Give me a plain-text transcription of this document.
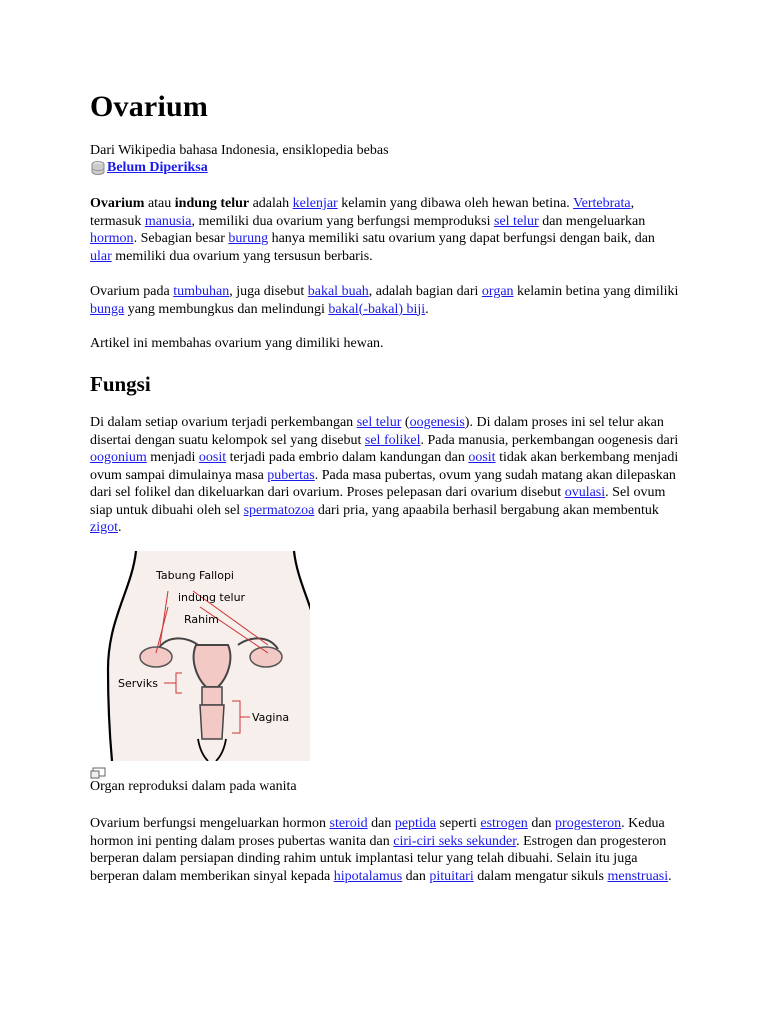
Ovarium
Dari Wikipedia bahasa Indonesia, ensiklopedia bebas
Belum Diperiksa

Ovarium atau indung telur adalah kelenjar kelamin yang dibawa oleh hewan betina. Vertebrata, termasuk manusia, memiliki dua ovarium yang berfungsi memproduksi sel telur dan mengeluarkan hormon. Sebagian besar burung hanya memiliki satu ovarium yang dapat berfungsi dengan baik, dan ular memiliki dua ovarium yang tersusun berbaris.

Ovarium pada tumbuhan, juga disebut bakal buah, adalah bagian dari organ kelamin betina yang dimiliki bunga yang membungkus dan melindungi bakal(-bakal) biji.

Artikel ini membahas ovarium yang dimiliki hewan.

Fungsi

Di dalam setiap ovarium terjadi perkembangan sel telur (oogenesis). Di dalam proses ini sel telur akan disertai dengan suatu kelompok sel yang disebut sel folikel. Pada manusia, perkembangan oogenesis dari oogonium menjadi oosit terjadi pada embrio dalam kandungan dan oosit tidak akan berkembang menjadi ovum sampai dimulainya masa pubertas. Pada masa pubertas, ovum yang sudah matang akan dilepaskan dari sel folikel dan dikeluarkan dari ovarium. Proses pelepasan dari ovarium disebut ovulasi. Sel ovum siap untuk dibuahi oleh sel spermatozoa dari pria, yang apaabila berhasil bergabung akan membentuk zigot.

Tabung Fallopi
indung telur
Rahim
Serviks
Vagina
Organ reproduksi dalam pada wanita

Ovarium berfungsi mengeluarkan hormon steroid dan peptida seperti estrogen dan progesteron. Kedua hormon ini penting dalam proses pubertas wanita dan ciri-ciri seks sekunder. Estrogen dan progesteron berperan dalam persiapan dinding rahim untuk implantasi telur yang telah dibuahi. Selain itu juga berperan dalam memberikan sinyal kepada hipotalamus dan pituitari dalam mengatur sikuls menstruasi.
